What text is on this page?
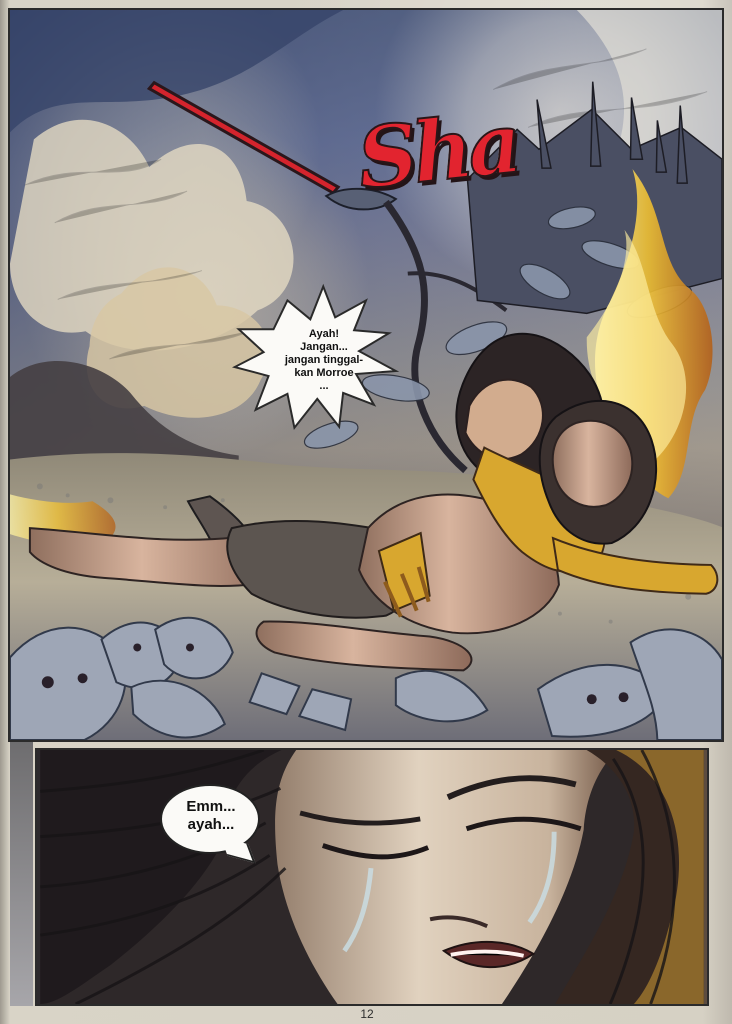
Sha
Ayah!
Jangan...
jangan tinggal-
kan Morroe
...
Emm...
ayah...
12
